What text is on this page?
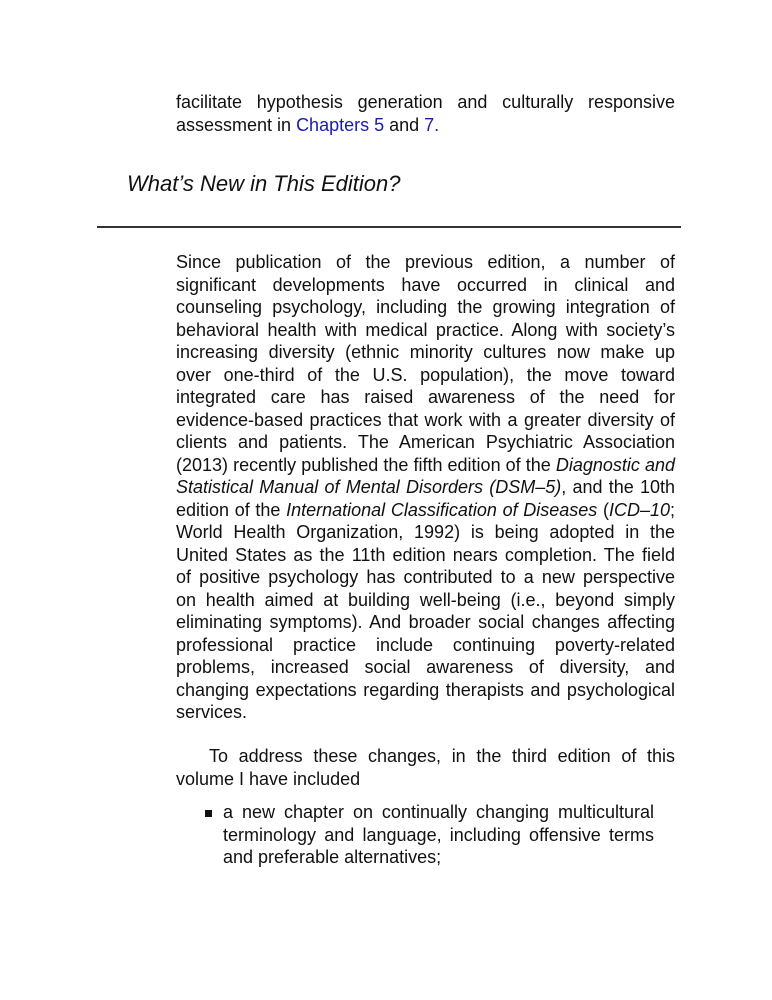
facilitate hypothesis generation and culturally responsive assessment in Chapters 5 and 7.

What’s New in This Edition?

Since publication of the previous edition, a number of significant developments have occurred in clinical and counseling psychology, including the growing integration of behavioral health with medical practice. Along with society’s increasing diversity (ethnic minority cultures now make up over one-third of the U.S. population), the move toward integrated care has raised awareness of the need for evidence-based practices that work with a greater diversity of clients and patients. The American Psychiatric Association (2013) recently published the fifth edition of the Diagnostic and Statistical Manual of Mental Disorders (DSM–5), and the 10th edition of the International Classification of Diseases (ICD–10; World Health Organization, 1992) is being adopted in the United States as the 11th edition nears completion. The field of positive psychology has contributed to a new perspective on health aimed at building well-being (i.e., beyond simply eliminating symptoms). And broader social changes affecting professional practice include continuing poverty-related problems, increased social awareness of diversity, and changing expectations regarding therapists and psychological services.

To address these changes, in the third edition of this volume I have included

a new chapter on continually changing multicultural terminology and language, including offensive terms and preferable alternatives;
